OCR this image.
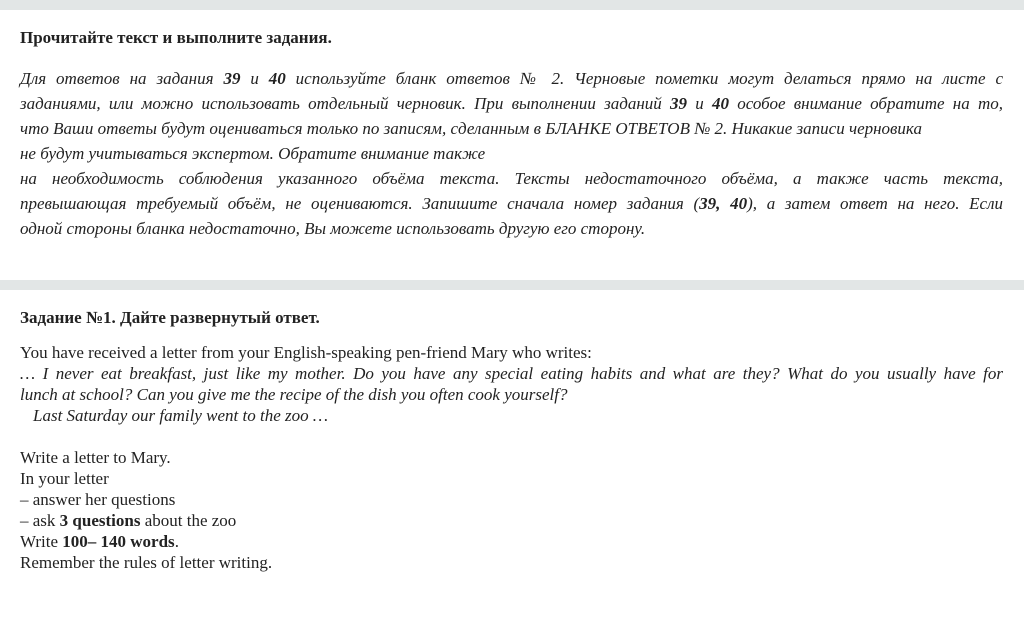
Прочитайте текст и выполните задания.
Для ответов на задания 39 и 40 используйте бланк ответов № 2. Черновые пометки могут делаться прямо на листе с
заданиями, или можно использовать отдельный черновик. При выполнении заданий 39 и 40 особое внимание обратите на то,
что Ваши ответы будут оцениваться только по записям, сделанным в БЛАНКЕ ОТВЕТОВ № 2. Никакие записи черновика
не будут учитываться экспертом. Обратите внимание также
на необходимость соблюдения указанного объёма текста. Тексты недостаточного объёма, а также часть текста,
превышающая требуемый объём, не оцениваются. Запишите сначала номер задания (39, 40), а затем ответ на него. Если
одной стороны бланка недостаточно, Вы можете использовать другую его сторону.
Задание №1. Дайте развернутый ответ.

You have received a letter from your English-speaking pen-friend Mary who writes:

… I never eat breakfast, just like my mother. Do you have any special eating habits and what are they? What do you usually have for

lunch at school? Can you give me the recipe of the dish you often cook yourself?

Last Saturday our family went to the zoo …

Write a letter to Mary.

In your letter

– answer her questions

– ask 3 questions about the zoo

Write 100– 140 words.

Remember the rules of letter writing.
